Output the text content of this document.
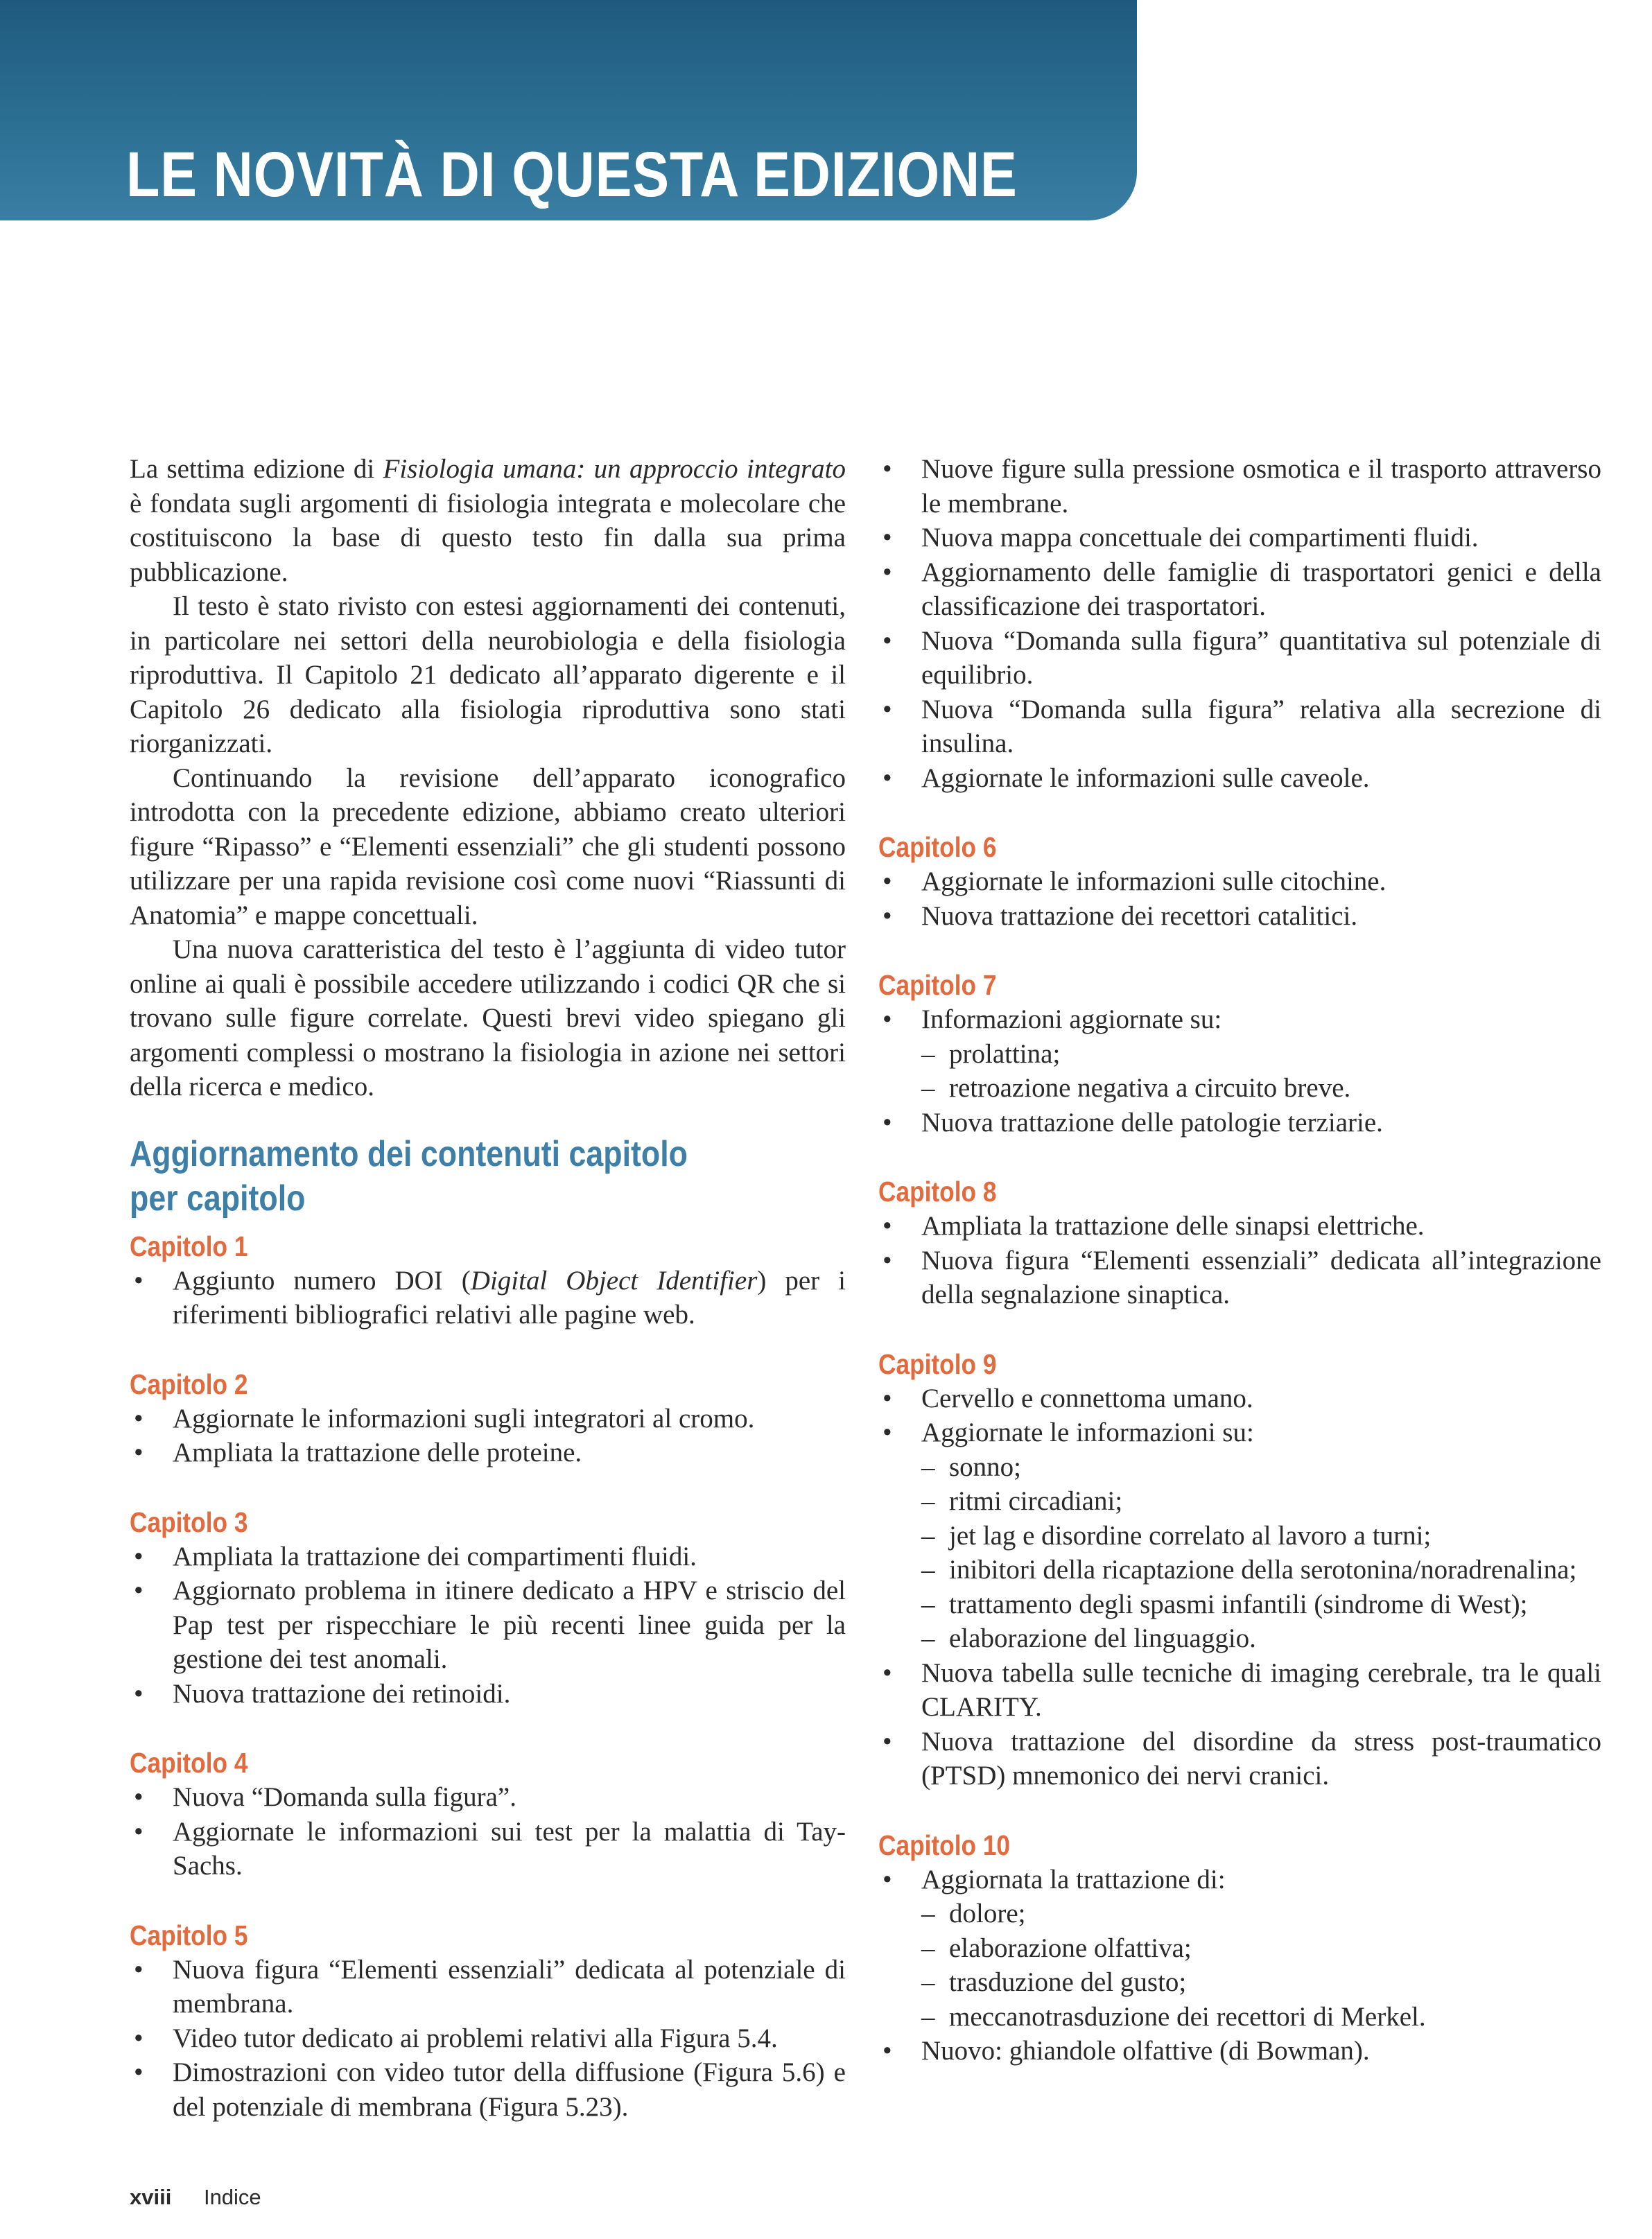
LE NOVITÀ DI QUESTA EDIZIONE

La settima edizione di Fisiologia umana: un approccio integrato è fondata sugli argomenti di fisiologia integrata e molecolare che costituiscono la base di questo testo fin dalla sua prima pubblicazione.

Il testo è stato rivisto con estesi aggiornamenti dei contenuti, in particolare nei settori della neurobiologia e della fisiologia riproduttiva. Il Capitolo 21 dedicato all’apparato digerente e il Capitolo 26 dedicato alla fisiologia riproduttiva sono stati riorganizzati.

Continuando la revisione dell’apparato iconografico introdotta con la precedente edizione, abbiamo creato ulteriori figure “Ripasso” e “Elementi essenziali” che gli studenti possono utilizzare per una rapida revisione così come nuovi “Riassunti di Anatomia” e mappe concettuali.

Una nuova caratteristica del testo è l’aggiunta di video tutor online ai quali è possibile accedere utilizzando i codici QR che si trovano sulle figure correlate. Questi brevi video spiegano gli argomenti complessi o mostrano la fisiologia in azione nei settori della ricerca e medico.

Aggiornamento dei contenuti capitolo
per capitolo
Capitolo 1
• Aggiunto numero DOI (Digital Object Identifier) per i riferimenti bibliografici relativi alle pagine web.
Capitolo 2
• Aggiornate le informazioni sugli integratori al cromo.
• Ampliata la trattazione delle proteine.
Capitolo 3
• Ampliata la trattazione dei compartimenti fluidi.
• Aggiornato problema in itinere dedicato a HPV e striscio del Pap test per rispecchiare le più recenti linee guida per la gestione dei test anomali.
• Nuova trattazione dei retinoidi.
Capitolo 4
• Nuova “Domanda sulla figura”.
• Aggiornate le informazioni sui test per la malattia di Tay-Sachs.
Capitolo 5
• Nuova figura “Elementi essenziali” dedicata al potenziale di membrana.
• Video tutor dedicato ai problemi relativi alla Figura 5.4.
• Dimostrazioni con video tutor della diffusione (Figura 5.6) e del potenziale di membrana (Figura 5.23).
• Nuove figure sulla pressione osmotica e il trasporto attraverso le membrane.
• Nuova mappa concettuale dei compartimenti fluidi.
• Aggiornamento delle famiglie di trasportatori genici e della classificazione dei trasportatori.
• Nuova “Domanda sulla figura” quantitativa sul potenziale di equilibrio.
• Nuova “Domanda sulla figura” relativa alla secrezione di insulina.
• Aggiornate le informazioni sulle caveole.
Capitolo 6
• Aggiornate le informazioni sulle citochine.
• Nuova trattazione dei recettori catalitici.
Capitolo 7
• Informazioni aggiornate su:
– prolattina;
– retroazione negativa a circuito breve.
• Nuova trattazione delle patologie terziarie.
Capitolo 8
• Ampliata la trattazione delle sinapsi elettriche.
• Nuova figura “Elementi essenziali” dedicata all’integrazione della segnalazione sinaptica.
Capitolo 9
• Cervello e connettoma umano.
• Aggiornate le informazioni su:
– sonno;
– ritmi circadiani;
– jet lag e disordine correlato al lavoro a turni;
– inibitori della ricaptazione della serotonina/noradrenalina;
– trattamento degli spasmi infantili (sindrome di West);
– elaborazione del linguaggio.
• Nuova tabella sulle tecniche di imaging cerebrale, tra le quali CLARITY.
• Nuova trattazione del disordine da stress post-traumatico (PTSD) mnemonico dei nervi cranici.
Capitolo 10
• Aggiornata la trattazione di:
– dolore;
– elaborazione olfattiva;
– trasduzione del gusto;
– meccanotrasduzione dei recettori di Merkel.
• Nuovo: ghiandole olfattive (di Bowman).
xviii Indice
